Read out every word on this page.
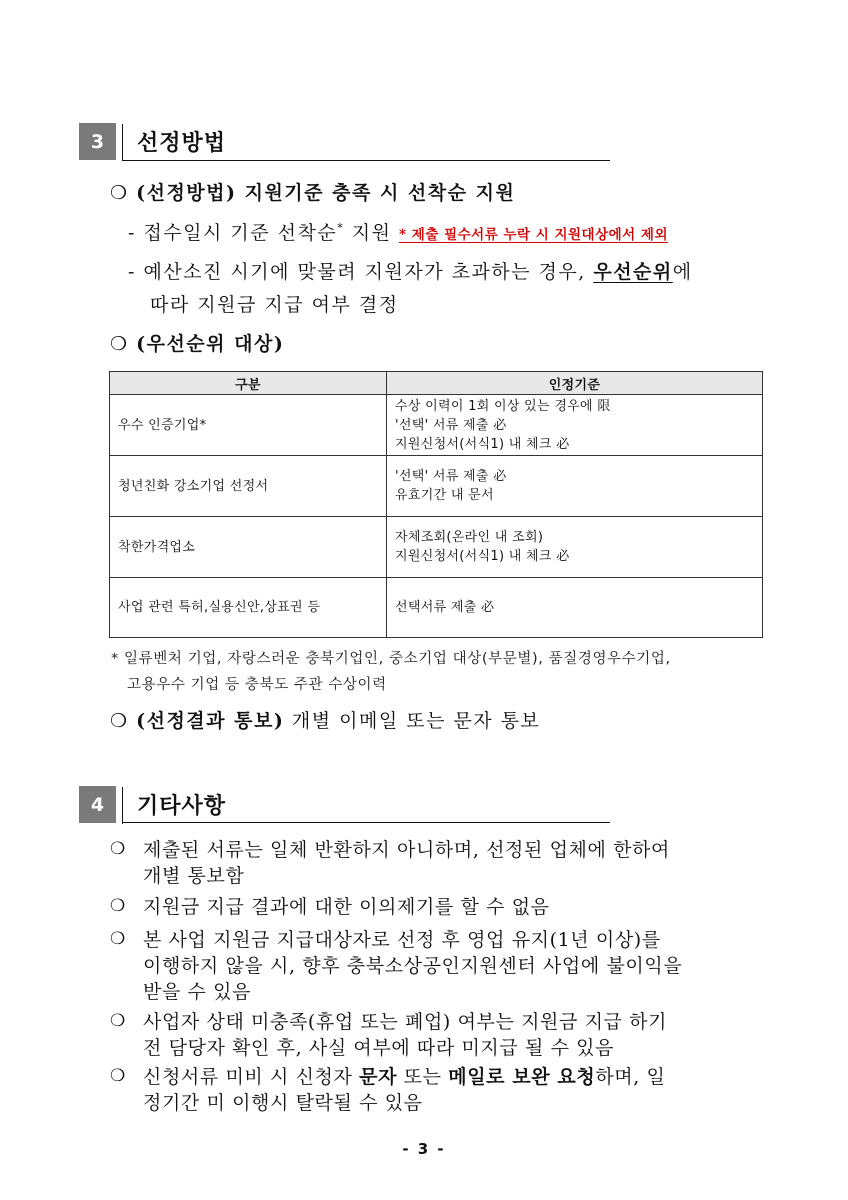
3	선정방법
❍ (선정방법) 지원기준 충족 시 선착순 지원
- 접수일시 기준 선착순* 지원 * 제출 필수서류 누락 시 지원대상에서 제외
- 예산소진 시기에 맞물려 지원자가 초과하는 경우, 우선순위에
따라 지원금 지급 여부 결정
❍ (우선순위 대상)
구분	인정기준
우수 인증기업*	수상 이력이 1회 이상 있는 경우에 限
'선택' 서류 제출 必
지원신청서(서식1) 내 체크 必

청년친화 강소기업 선정서	'선택' 서류 제출 必
유효기간 내 문서

착한가격업소	자체조회(온라인 내 조회)
지원신청서(서식1) 내 체크 必

사업 관련 특허,실용신안,상표권 등	선택서류 제출 必
* 일류벤처 기업, 자랑스러운 충북기업인, 중소기업 대상(부문별), 품질경영우수기업,
고용우수 기업 등 충북도 주관 수상이력
❍ (선정결과 통보) 개별 이메일 또는 문자 통보
4	기타사항
❍ 제출된 서류는 일체 반환하지 아니하며, 선정된 업체에 한하여
개별 통보함
❍ 지원금 지급 결과에 대한 이의제기를 할 수 없음
❍ 본 사업 지원금 지급대상자로 선정 후 영업 유지(1년 이상)를
이행하지 않을 시, 향후 충북소상공인지원센터 사업에 불이익을
받을 수 있음
❍ 사업자 상태 미충족(휴업 또는 폐업) 여부는 지원금 지급 하기
전 담당자 확인 후, 사실 여부에 따라 미지급 될 수 있음
❍ 신청서류 미비 시 신청자 문자 또는 메일로 보완 요청하며, 일
정기간 미 이행시 탈락될 수 있음
- 3 -
